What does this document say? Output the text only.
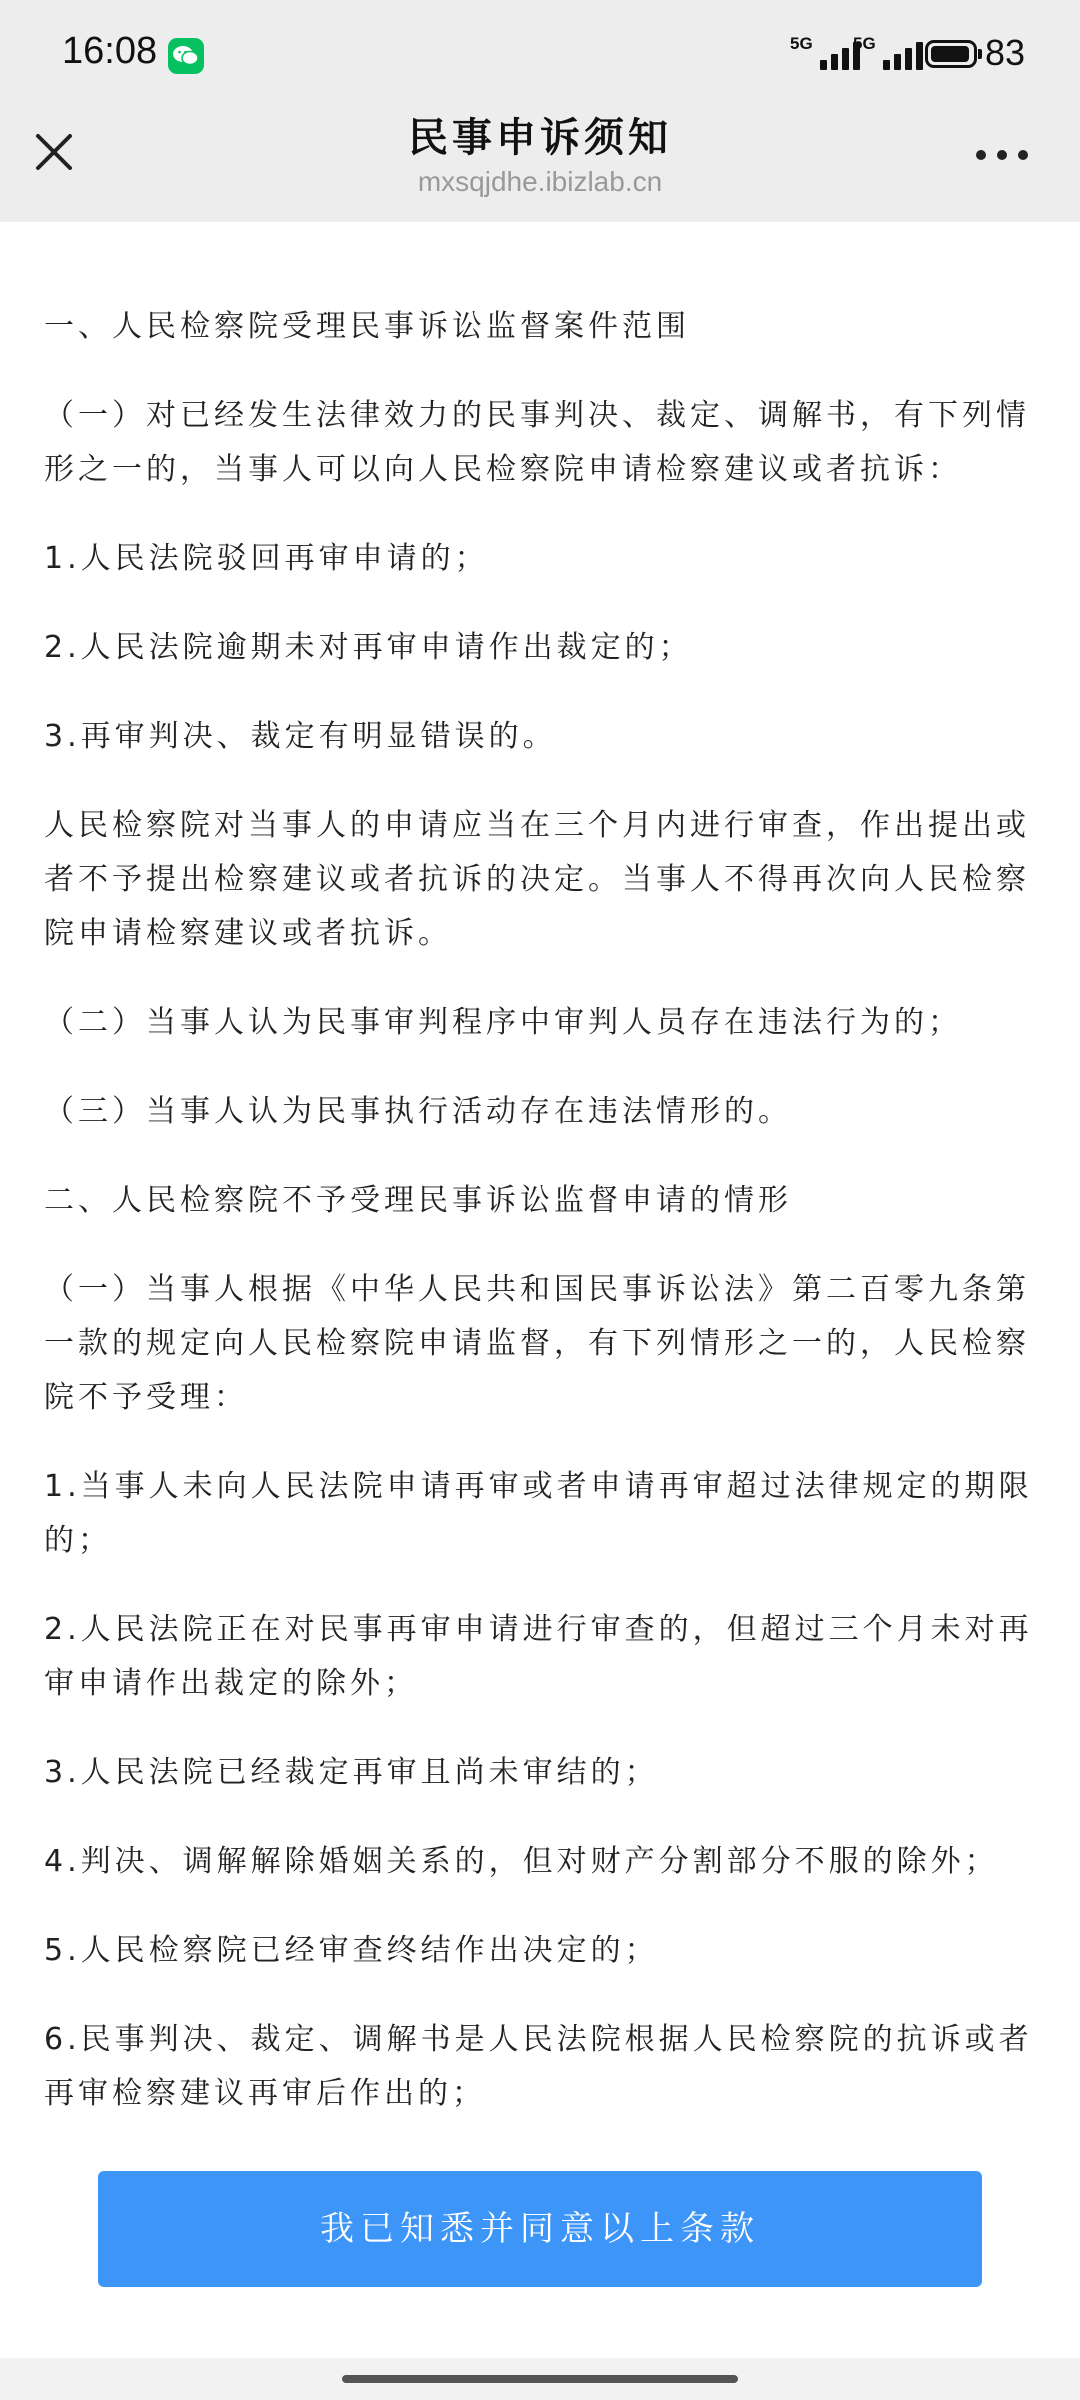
16:08	5G 5G	83
民事申诉须知
mxsqjdhe.ibizlab.cn

一、人民检察院受理民事诉讼监督案件范围

（一）对已经发生法律效力的民事判决、裁定、调解书，有下列情形之一的，当事人可以向人民检察院申请检察建议或者抗诉：

1.人民法院驳回再审申请的；

2.人民法院逾期未对再审申请作出裁定的；

3.再审判决、裁定有明显错误的。

人民检察院对当事人的申请应当在三个月内进行审查，作出提出或者不予提出检察建议或者抗诉的决定。当事人不得再次向人民检察院申请检察建议或者抗诉。

（二）当事人认为民事审判程序中审判人员存在违法行为的；

（三）当事人认为民事执行活动存在违法情形的。

二、人民检察院不予受理民事诉讼监督申请的情形

（一）当事人根据《中华人民共和国民事诉讼法》第二百零九条第一款的规定向人民检察院申请监督，有下列情形之一的，人民检察院不予受理：

1.当事人未向人民法院申请再审或者申请再审超过法律规定的期限的；

2.人民法院正在对民事再审申请进行审查的，但超过三个月未对再审申请作出裁定的除外；

3.人民法院已经裁定再审且尚未审结的；

4.判决、调解解除婚姻关系的，但对财产分割部分不服的除外；

5.人民检察院已经审查终结作出决定的；

6.民事判决、裁定、调解书是人民法院根据人民检察院的抗诉或者再审检察建议再审后作出的；

我已知悉并同意以上条款
